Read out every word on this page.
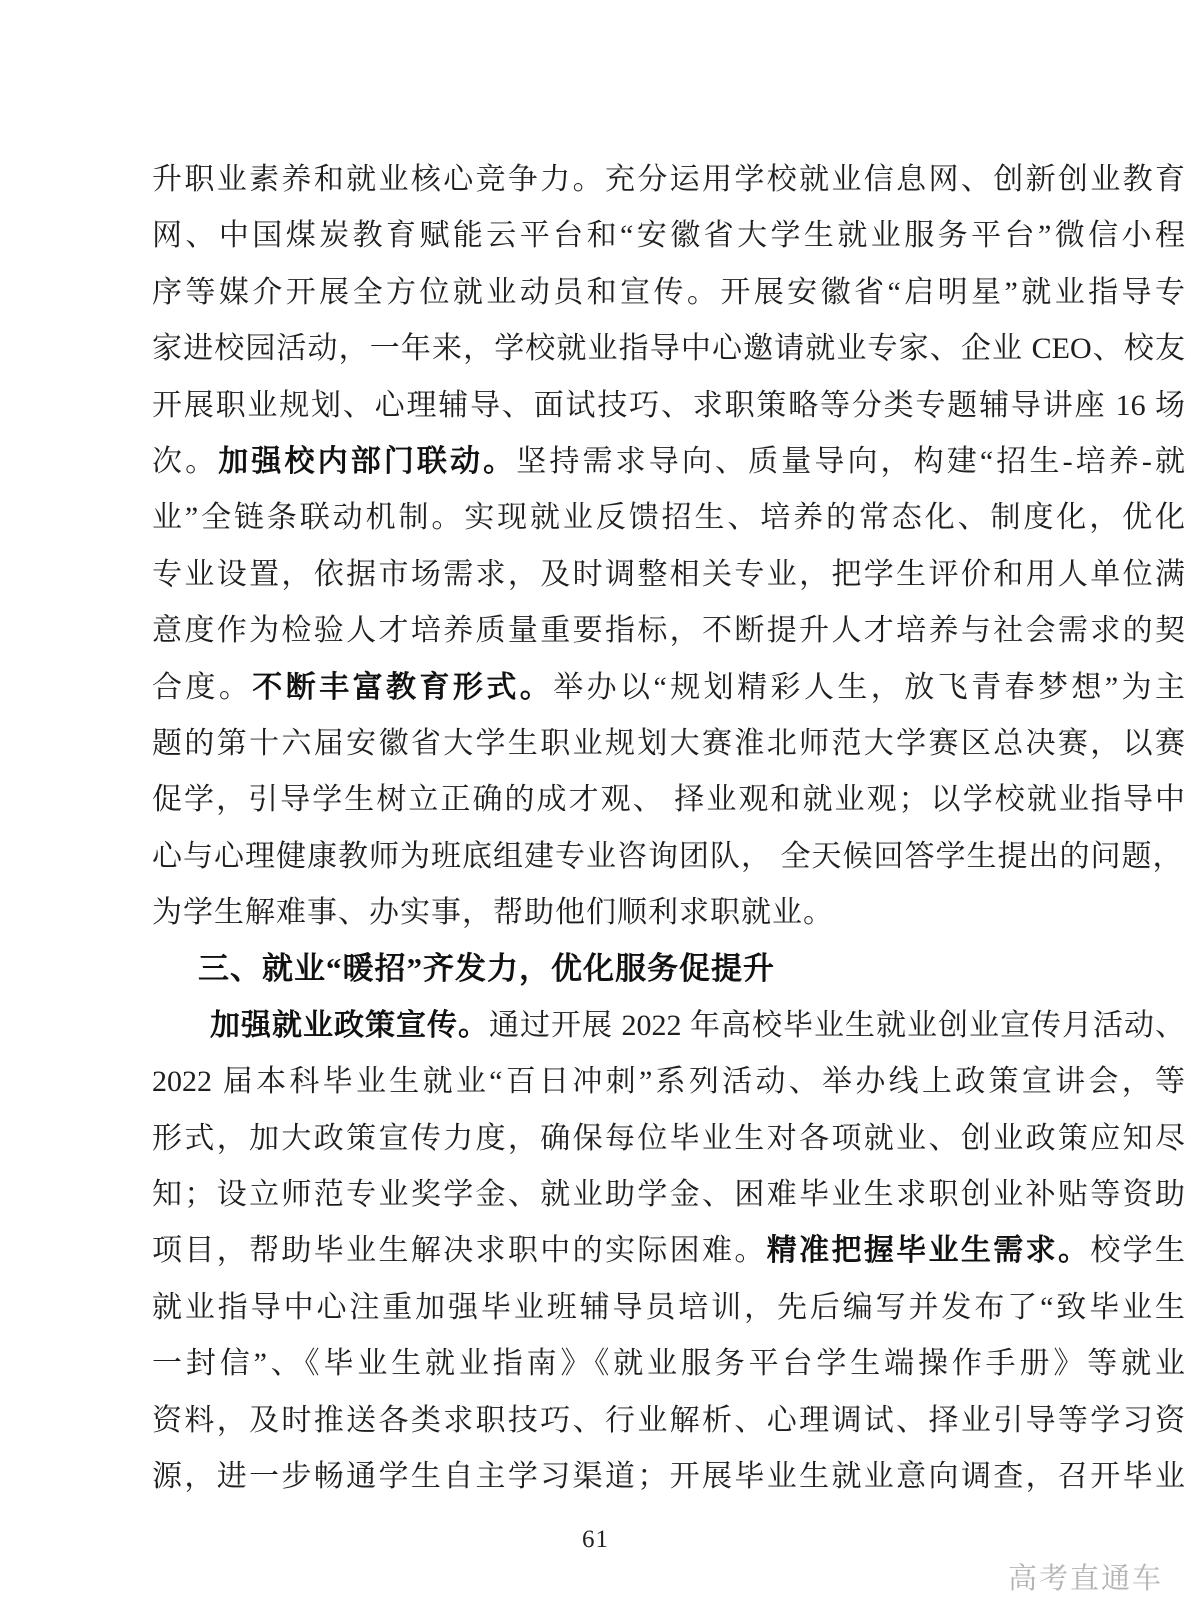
升职业素养和就业核心竞争力。充分运用学校就业信息网、创新创业教育
网、中国煤炭教育赋能云平台和“安徽省大学生就业服务平台”微信小程
序等媒介开展全方位就业动员和宣传。开展安徽省“启明星”就业指导专
家进校园活动，一年来，学校就业指导中心邀请就业专家、企业 CEO、校友
开展职业规划、心理辅导、面试技巧、求职策略等分类专题辅导讲座 16 场
次。加强校内部门联动。坚持需求导向、质量导向，构建“招生-培养-就
业”全链条联动机制。实现就业反馈招生、培养的常态化、制度化，优化
专业设置，依据市场需求，及时调整相关专业，把学生评价和用人单位满
意度作为检验人才培养质量重要指标，不断提升人才培养与社会需求的契
合度。不断丰富教育形式。举办以“规划精彩人生，放飞青春梦想”为主
题的第十六届安徽省大学生职业规划大赛淮北师范大学赛区总决赛，以赛
促学，引导学生树立正确的成才观、 择业观和就业观；以学校就业指导中
心与心理健康教师为班底组建专业咨询团队， 全天候回答学生提出的问题，
为学生解难事、办实事，帮助他们顺利求职就业。
三、就业“暖招”齐发力，优化服务促提升
加强就业政策宣传。通过开展 2022 年高校毕业生就业创业宣传月活动、
2022 届本科毕业生就业“百日冲刺”系列活动、举办线上政策宣讲会，等
形式，加大政策宣传力度，确保每位毕业生对各项就业、创业政策应知尽
知；设立师范专业奖学金、就业助学金、困难毕业生求职创业补贴等资助
项目，帮助毕业生解决求职中的实际困难。精准把握毕业生需求。校学生
就业指导中心注重加强毕业班辅导员培训，先后编写并发布了“致毕业生
一封信”、《毕业生就业指南》《就业服务平台学生端操作手册》等就业
资料，及时推送各类求职技巧、行业解析、心理调试、择业引导等学习资
源，进一步畅通学生自主学习渠道；开展毕业生就业意向调查，召开毕业
61
高考直通车
